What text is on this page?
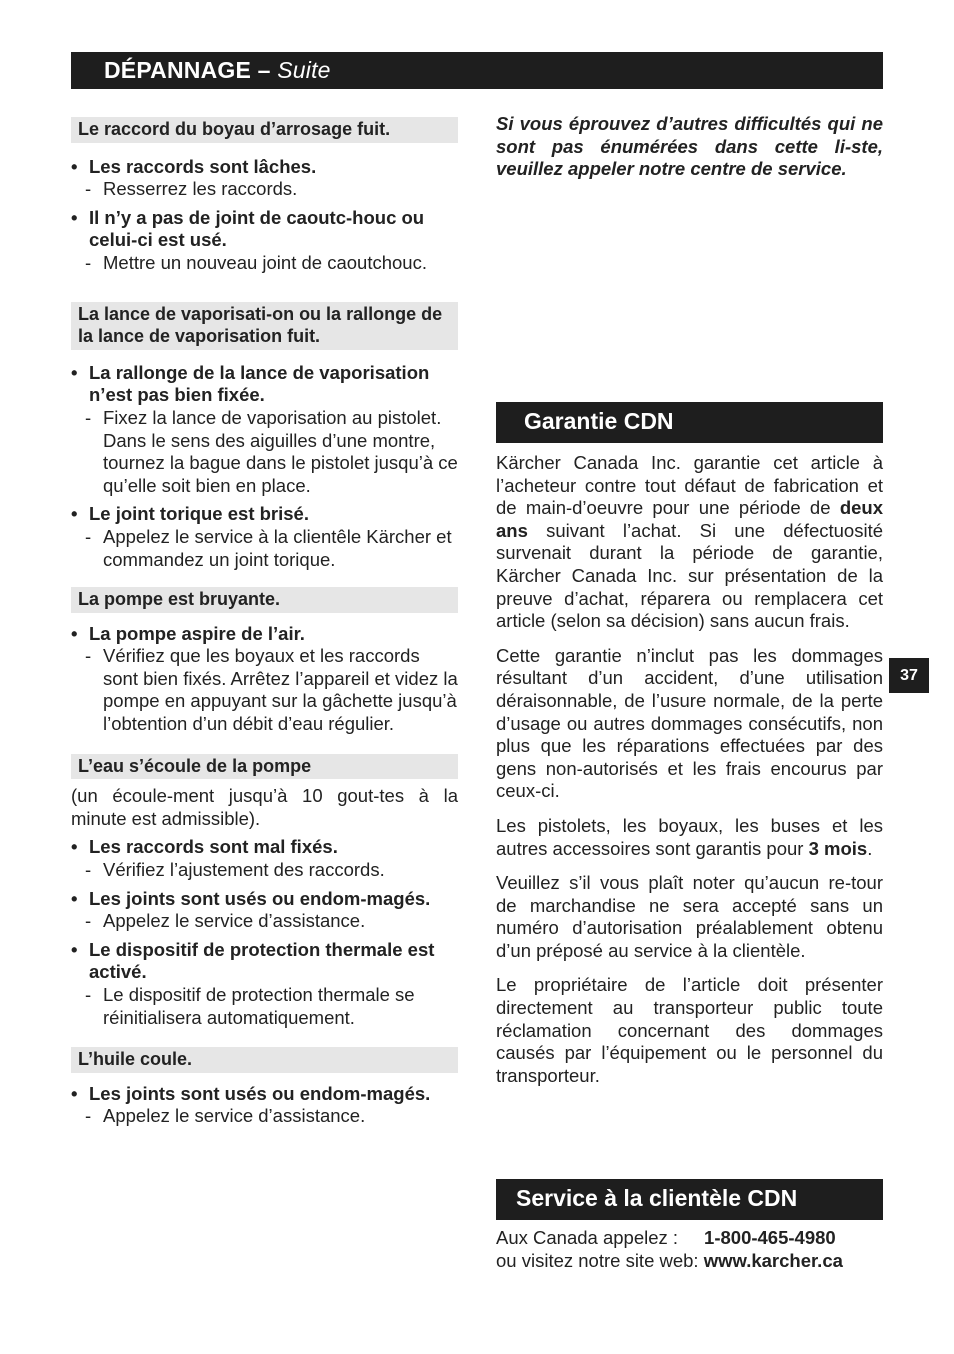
DÉPANNAGE – Suite
Le raccord du boyau d’arrosage fuit.
• Les raccords sont lâches.
- Resserrez les raccords.
• Il n’y a pas de joint de caoutc-houc ou celui-ci est usé.
- Mettre un nouveau joint de caoutchouc.
La lance de vaporisati-on ou la rallonge de la lance de vaporisation fuit.
• La rallonge de la lance de vaporisation n’est pas bien fixée.
- Fixez la lance de vaporisation au pistolet. Dans le sens des aiguilles d’une montre, tournez la bague dans le pistolet jusqu’à ce qu’elle soit bien en place.
• Le joint torique est brisé.
- Appelez le service à la clientêle Kärcher et commandez un joint torique.
La pompe est bruyante.
• La pompe aspire de l’air.
- Vérifiez que les boyaux et les raccords sont bien fixés. Arrêtez l’appareil et videz la pompe en appuyant sur la gâchette jusqu’à l’obtention d’un débit d’eau régulier.
L’eau s’écoule de la pompe
(un écoule-ment jusqu’à 10 gout-tes à la minute est admissible).
• Les raccords sont mal fixés.
- Vérifiez l’ajustement des raccords.
• Les joints sont usés ou endom-magés.
- Appelez le service d’assistance.
• Le dispositif de protection thermale est activé.
- Le dispositif de protection thermale se réinitialisera automatiquement.
L’huile coule.
• Les joints sont usés ou endom-magés.
- Appelez le service d’assistance.
Si vous éprouvez d’autres difficultés qui ne sont pas énumérées dans cette li-ste, veuillez appeler notre centre de service.
Garantie CDN
Kärcher Canada Inc. garantie cet article à l’acheteur contre tout défaut de fabrication et de main-d’oeuvre pour une période de deux ans suivant l’achat. Si une défectuosité survenait durant la période de garantie, Kärcher Canada Inc. sur présentation de la preuve d’achat, réparera ou remplacera cet article (selon sa décision) sans aucun frais.
Cette garantie n’inclut pas les dommages résultant d’un accident, d’une utilisation déraisonnable, de l’usure normale, de la perte d’usage ou autres dommages consécutifs, non plus que les réparations effectuées par des gens non-autorisés et les frais encourus par ceux-ci.
Les pistolets, les boyaux, les buses et les autres accessoires sont garantis pour 3 mois.
Veuillez s’il vous plaît noter qu’aucun re-tour de marchandise ne sera accepté sans un numéro d’autorisation préalablement obtenu d’un préposé au service à la clientèle.
Le propriétaire de l’article doit présenter directement au transporteur public toute réclamation concernant des dommages causés par l’équipement ou le personnel du transporteur.
Service à la clientèle CDN
Aux Canada appelez : 1-800-465-4980
ou visitez notre site web: www.karcher.ca
37
